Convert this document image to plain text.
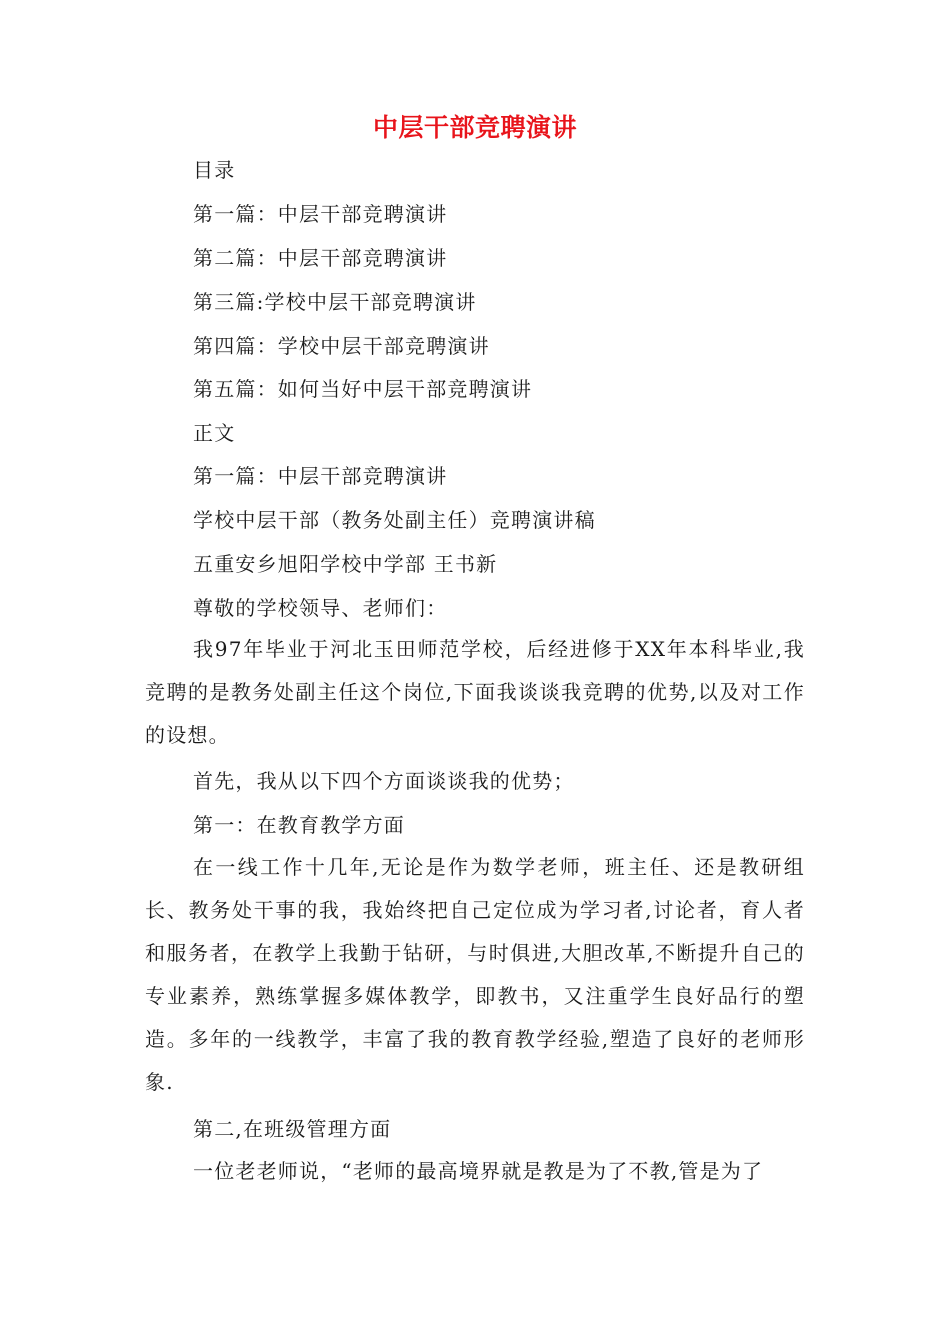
中层干部竞聘演讲
目录
第一篇：中层干部竞聘演讲
第二篇：中层干部竞聘演讲
第三篇:学校中层干部竞聘演讲
第四篇：学校中层干部竞聘演讲
第五篇：如何当好中层干部竞聘演讲
正文
第一篇：中层干部竞聘演讲
学校中层干部（教务处副主任）竞聘演讲稿
五重安乡旭阳学校中学部 王书新
尊敬的学校领导、老师们：
我97年毕业于河北玉田师范学校，后经进修于XX年本科毕业,我竞聘的是教务处副主任这个岗位,下面我谈谈我竞聘的优势,以及对工作的设想。
首先，我从以下四个方面谈谈我的优势；
第一：在教育教学方面
在一线工作十几年,无论是作为数学老师，班主任、还是教研组长、教务处干事的我，我始终把自己定位成为学习者,讨论者，育人者和服务者，在教学上我勤于钻研，与时俱进,大胆改革,不断提升自己的专业素养，熟练掌握多媒体教学，即教书，又注重学生良好品行的塑造。多年的一线教学，丰富了我的教育教学经验,塑造了良好的老师形象.
第二,在班级管理方面
一位老老师说，“老师的最高境界就是教是为了不教,管是为了
